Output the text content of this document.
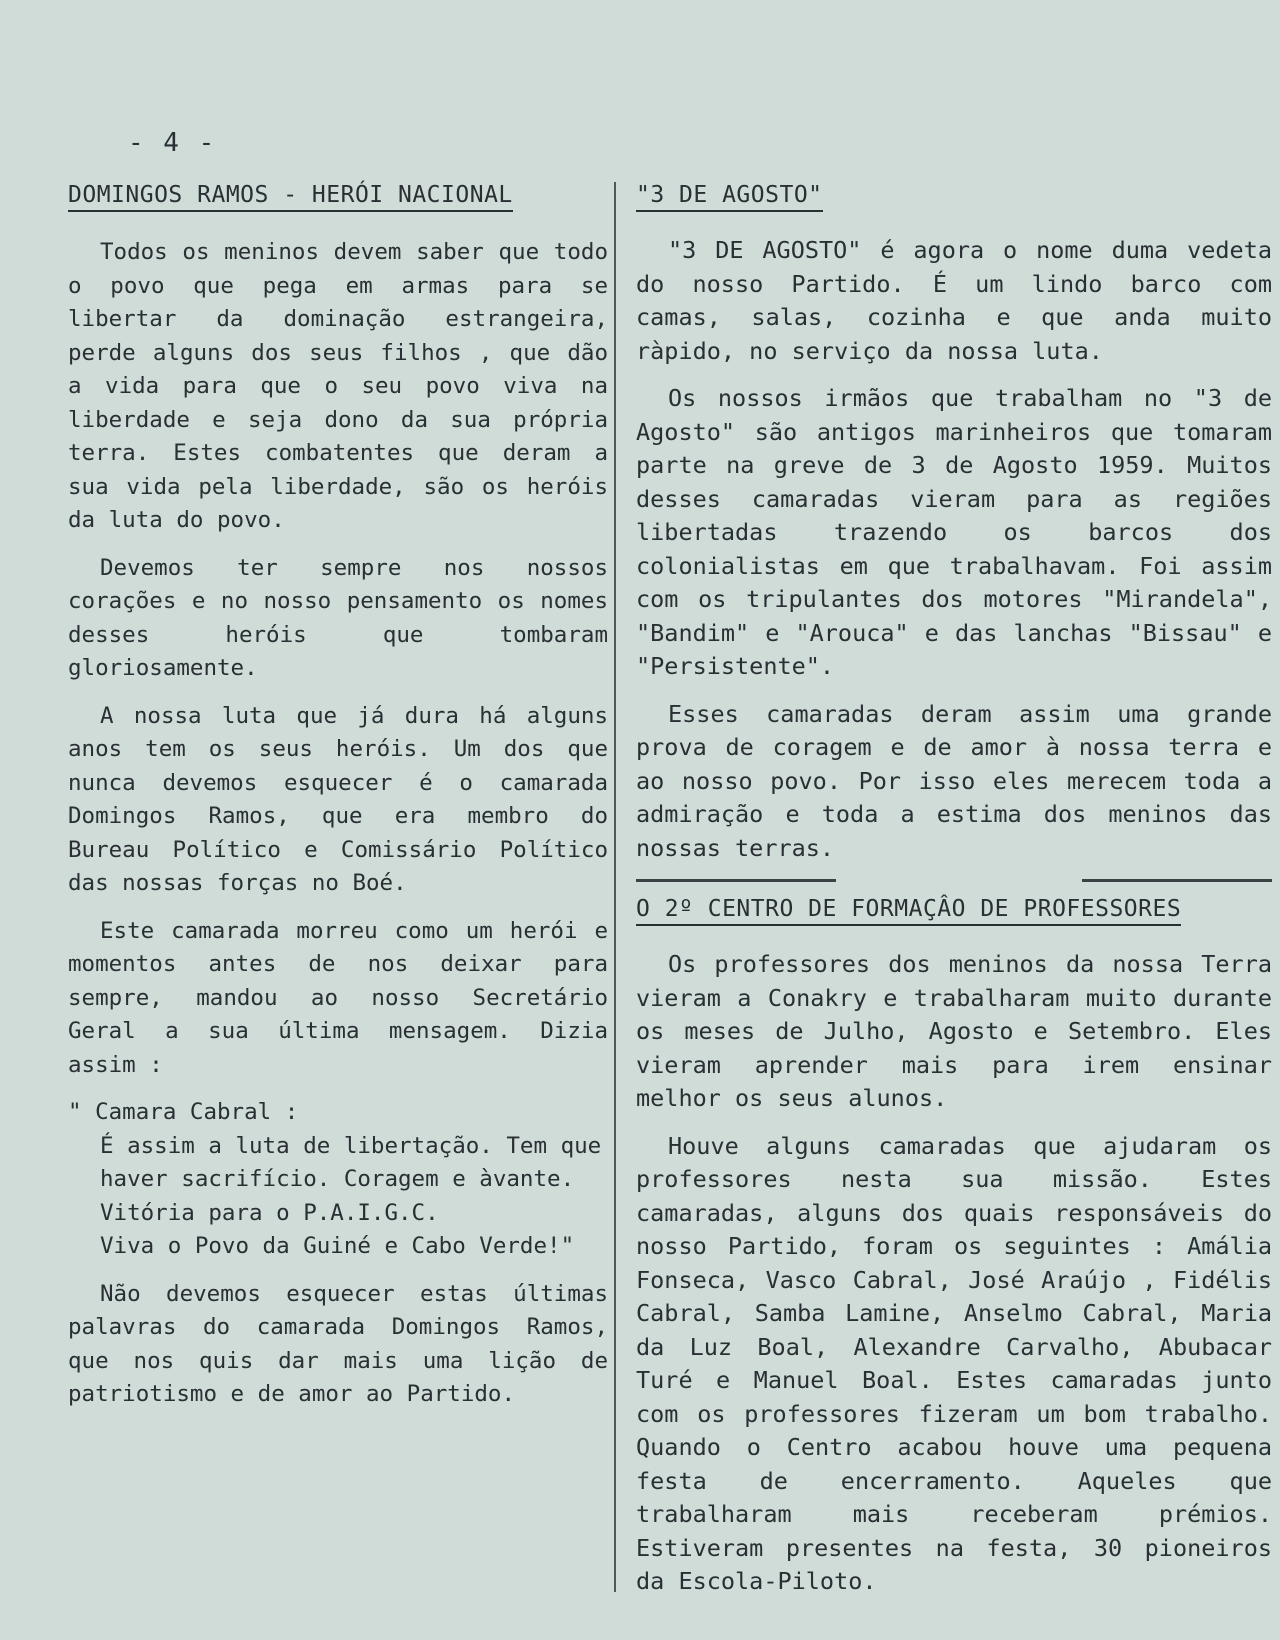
- 4 -
DOMINGOS RAMOS - HERÓI NACIONAL

Todos os meninos devem saber que todo o povo que pega em armas para se libertar da dominação estrangeira, perde alguns dos seus filhos , que dão a vida para que o seu povo viva na liberdade e seja dono da sua própria terra. Estes combatentes que deram a sua vida pela liberdade, são os heróis da luta do povo.

Devemos ter sempre nos nossos corações e no nosso pensamento os nomes desses heróis que tombaram gloriosamente.

A nossa luta que já dura há alguns anos tem os seus heróis. Um dos que nunca devemos esquecer é o camarada Domingos Ramos, que era membro do Bureau Político e Comissário Político das nossas forças no Boé.

Este camarada morreu como um herói e momentos antes de nos deixar para sempre, mandou ao nosso Secretário Geral a sua última mensagem. Dizia assim :

" Camara Cabral :
É assim a luta de libertação. Tem que haver sacrifício. Coragem e àvante.
Vitória para o P.A.I.G.C.
Viva o Povo da Guiné e Cabo Verde!"

Não devemos esquecer estas últimas palavras do camarada Domingos Ramos, que nos quis dar mais uma lição de patriotismo e de amor ao Partido.

"3 DE AGOSTO"

"3 DE AGOSTO" é agora o nome duma vedeta do nosso Partido. É um lindo barco com camas, salas, cozinha e que anda muito ràpido, no serviço da nossa luta.

Os nossos irmãos que trabalham no "3 de Agosto" são antigos marinheiros que tomaram parte na greve de 3 de Agosto 1959. Muitos desses camaradas vieram para as regiões libertadas trazendo os barcos dos colonialistas em que trabalhavam. Foi assim com os tripulantes dos motores "Mirandela", "Bandim" e "Arouca" e das lanchas "Bissau" e "Persistente".

Esses camaradas deram assim uma grande prova de coragem e de amor à nossa terra e ao nosso povo. Por isso eles merecem toda a admiração e toda a estima dos meninos das nossas terras.

O 2º CENTRO DE FORMAÇÂO DE PROFESSORES

Os professores dos meninos da nossa Terra vieram a Conakry e trabalharam muito durante os meses de Julho, Agosto e Setembro. Eles vieram aprender mais para irem ensinar melhor os seus alunos.

Houve alguns camaradas que ajudaram os professores nesta sua missão. Estes camaradas, alguns dos quais responsáveis do nosso Partido, foram os seguintes : Amália Fonseca, Vasco Cabral, José Araújo , Fidélis Cabral, Samba Lamine, Anselmo Cabral, Maria da Luz Boal, Alexandre Carvalho, Abubacar Turé e Manuel Boal. Estes camaradas junto com os professores fizeram um bom trabalho. Quando o Centro acabou houve uma pequena festa de encerramento. Aqueles que trabalharam mais receberam prémios. Estiveram presentes na festa, 30 pioneiros da Escola-Piloto.
